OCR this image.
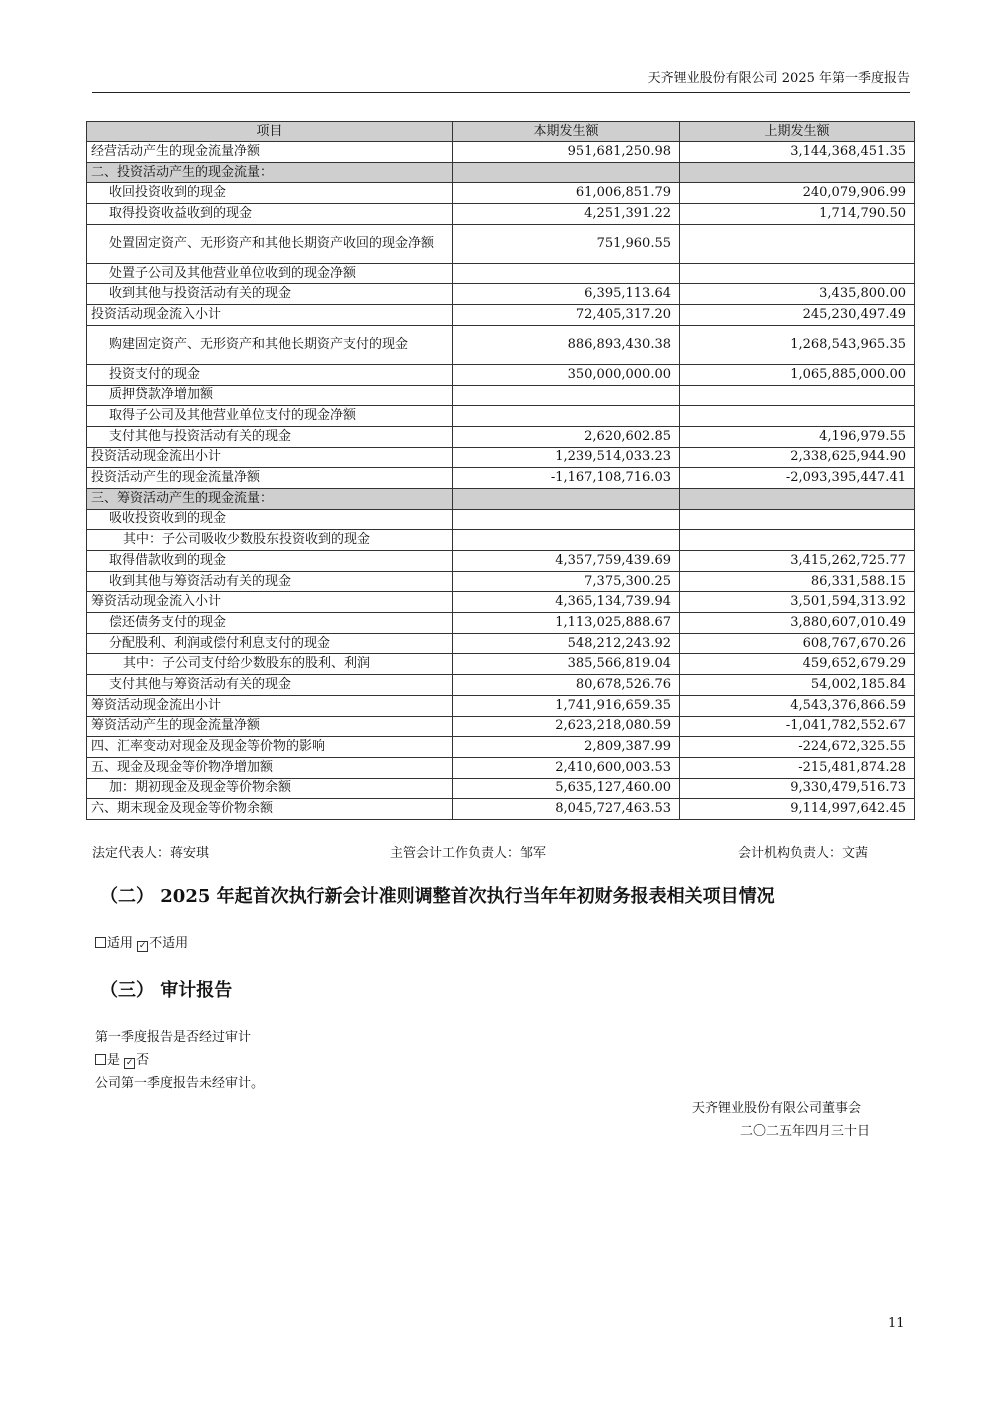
天齐锂业股份有限公司 2025 年第一季度报告
项目	本期发生额	上期发生额
经营活动产生的现金流量净额	951,681,250.98	3,144,368,451.35
二、投资活动产生的现金流量：		
收回投资收到的现金	61,006,851.79	240,079,906.99
取得投资收益收到的现金	4,251,391.22	1,714,790.50
处置固定资产、无形资产和其他长期资产收回的现金净额	751,960.55	
处置子公司及其他营业单位收到的现金净额		
收到其他与投资活动有关的现金	6,395,113.64	3,435,800.00
投资活动现金流入小计	72,405,317.20	245,230,497.49
购建固定资产、无形资产和其他长期资产支付的现金	886,893,430.38	1,268,543,965.35
投资支付的现金	350,000,000.00	1,065,885,000.00
质押贷款净增加额		
取得子公司及其他营业单位支付的现金净额		
支付其他与投资活动有关的现金	2,620,602.85	4,196,979.55
投资活动现金流出小计	1,239,514,033.23	2,338,625,944.90
投资活动产生的现金流量净额	-1,167,108,716.03	-2,093,395,447.41
三、筹资活动产生的现金流量：		
吸收投资收到的现金		
其中：子公司吸收少数股东投资收到的现金		
取得借款收到的现金	4,357,759,439.69	3,415,262,725.77
收到其他与筹资活动有关的现金	7,375,300.25	86,331,588.15
筹资活动现金流入小计	4,365,134,739.94	3,501,594,313.92
偿还债务支付的现金	1,113,025,888.67	3,880,607,010.49
分配股利、利润或偿付利息支付的现金	548,212,243.92	608,767,670.26
其中：子公司支付给少数股东的股利、利润	385,566,819.04	459,652,679.29
支付其他与筹资活动有关的现金	80,678,526.76	54,002,185.84
筹资活动现金流出小计	1,741,916,659.35	4,543,376,866.59
筹资活动产生的现金流量净额	2,623,218,080.59	-1,041,782,552.67
四、汇率变动对现金及现金等价物的影响	2,809,387.99	-224,672,325.55
五、现金及现金等价物净增加额	2,410,600,003.53	-215,481,874.28
加：期初现金及现金等价物余额	5,635,127,460.00	9,330,479,516.73
六、期末现金及现金等价物余额	8,045,727,463.53	9,114,997,642.45
法定代表人：蒋安琪	主管会计工作负责人：邹军	会计机构负责人：文茜
（二） 2025 年起首次执行新会计准则调整首次执行当年年初财务报表相关项目情况
适用 ✓ 不适用
（三） 审计报告
第一季度报告是否经过审计
是 ✓ 否
公司第一季度报告未经审计。
天齐锂业股份有限公司董事会
二〇二五年四月三十日
11
